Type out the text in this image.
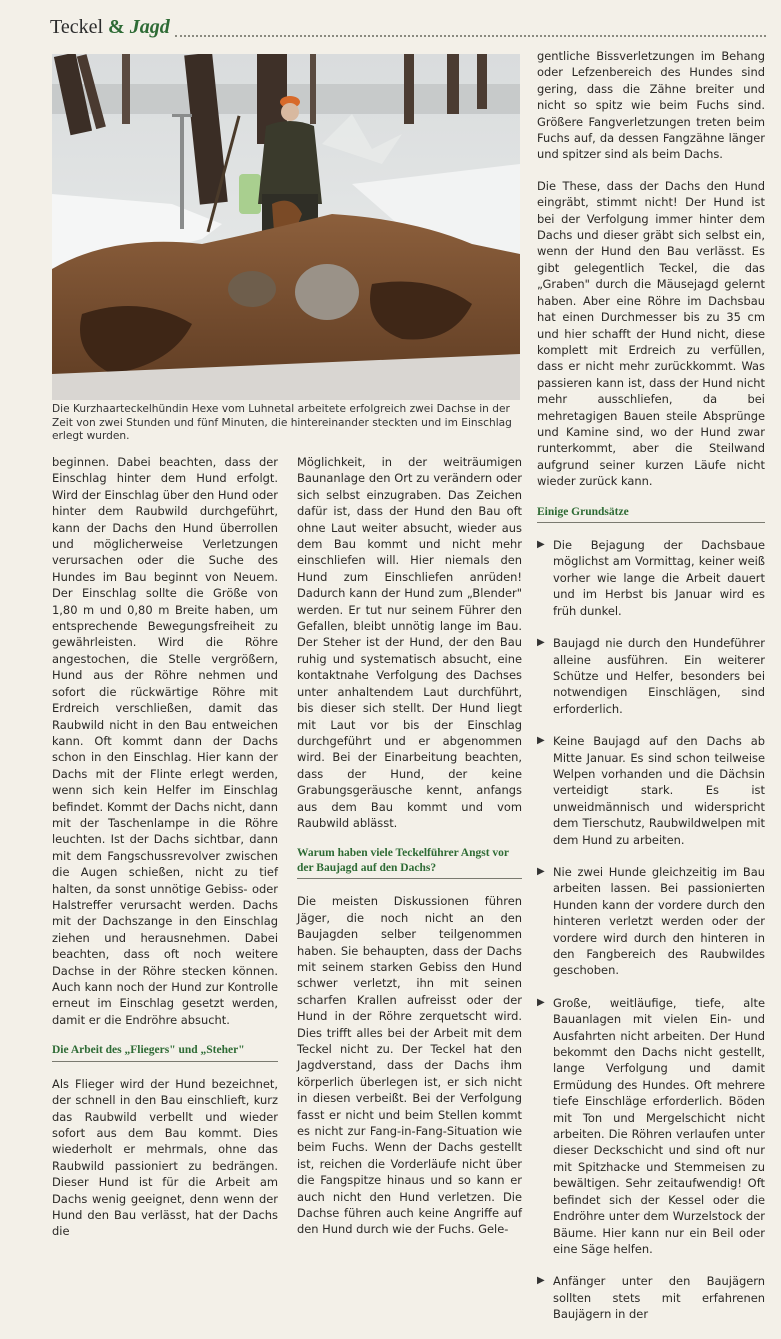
Teckel & Jagd
Die Kurzhaarteckelhündin Hexe vom Luhnetal arbeitete erfolgreich zwei Dachse in der Zeit von zwei Stunden und fünf Minuten, die hintereinander steckten und im Einschlag erlegt wurden.

beginnen. Dabei beachten, dass der Einschlag hinter dem Hund erfolgt. Wird der Einschlag über den Hund oder hinter dem Raubwild durchgeführt, kann der Dachs den Hund überrollen und möglicherweise Verletzungen verursachen oder die Suche des Hundes im Bau beginnt von Neuem. Der Einschlag sollte die Größe von 1,80 m und 0,80 m Breite haben, um entsprechende Bewegungsfreiheit zu gewährleisten. Wird die Röhre angestochen, die Stelle vergrößern, Hund aus der Röhre nehmen und sofort die rückwärtige Röhre mit Erdreich verschließen, damit das Raubwild nicht in den Bau entweichen kann. Oft kommt dann der Dachs schon in den Einschlag. Hier kann der Dachs mit der Flinte erlegt werden, wenn sich kein Helfer im Einschlag befindet. Kommt der Dachs nicht, dann mit der Taschenlampe in die Röhre leuchten. Ist der Dachs sichtbar, dann mit dem Fangschussrevolver zwischen die Augen schießen, nicht zu tief halten, da sonst unnötige Gebiss- oder Halstreffer verursacht werden. Dachs mit der Dachszange in den Einschlag ziehen und herausnehmen. Dabei beachten, dass oft noch weitere Dachse in der Röhre stecken können. Auch kann noch der Hund zur Kontrolle erneut im Einschlag gesetzt werden, damit er die Endröhre absucht.

Die Arbeit des „Fliegers" und „Steher"

Als Flieger wird der Hund bezeichnet, der schnell in den Bau einschlieft, kurz das Raubwild verbellt und wieder sofort aus dem Bau kommt. Dies wiederholt er mehrmals, ohne das Raubwild passioniert zu bedrängen. Dieser Hund ist für die Arbeit am Dachs wenig geeignet, denn wenn der Hund den Bau verlässt, hat der Dachs die

Möglichkeit, in der weiträumigen Baunanlage den Ort zu verändern oder sich selbst einzugraben. Das Zeichen dafür ist, dass der Hund den Bau oft ohne Laut weiter absucht, wieder aus dem Bau kommt und nicht mehr einschliefen will. Hier niemals den Hund zum Einschliefen anrüden! Dadurch kann der Hund zum „Blender" werden. Er tut nur seinem Führer den Gefallen, bleibt unnötig lange im Bau. Der Steher ist der Hund, der den Bau ruhig und systematisch absucht, eine kontaktnahe Verfolgung des Dachses unter anhaltendem Laut durchführt, bis dieser sich stellt. Der Hund liegt mit Laut vor bis der Einschlag durchgeführt und er abgenommen wird. Bei der Einarbeitung beachten, dass der Hund, der keine Grabungsgeräusche kennt, anfangs aus dem Bau kommt und vom Raubwild ablässt.

Warum haben viele Teckelführer Angst vor der Baujagd auf den Dachs?

Die meisten Diskussionen führen Jäger, die noch nicht an den Baujagden selber teilgenommen haben. Sie behaupten, dass der Dachs mit seinem starken Gebiss den Hund schwer verletzt, ihn mit seinen scharfen Krallen aufreisst oder der Hund in der Röhre zerquetscht wird. Dies trifft alles bei der Arbeit mit dem Teckel nicht zu. Der Teckel hat den Jagdverstand, dass der Dachs ihm körperlich überlegen ist, er sich nicht in diesen verbeißt. Bei der Verfolgung fasst er nicht und beim Stellen kommt es nicht zur Fang-in-Fang-Situation wie beim Fuchs. Wenn der Dachs gestellt ist, reichen die Vorderläufe nicht über die Fangspitze hinaus und so kann er auch nicht den Hund verletzen. Die Dachse führen auch keine Angriffe auf den Hund durch wie der Fuchs. Gele-

gentliche Bissverletzungen im Behang oder Lefzenbereich des Hundes sind gering, dass die Zähne breiter und nicht so spitz wie beim Fuchs sind. Größere Fangverletzungen treten beim Fuchs auf, da dessen Fangzähne länger und spitzer sind als beim Dachs.

Die These, dass der Dachs den Hund eingräbt, stimmt nicht! Der Hund ist bei der Verfolgung immer hinter dem Dachs und dieser gräbt sich selbst ein, wenn der Hund den Bau verlässt. Es gibt gelegentlich Teckel, die das „Graben" durch die Mäusejagd gelernt haben. Aber eine Röhre im Dachsbau hat einen Durchmesser bis zu 35 cm und hier schafft der Hund nicht, diese komplett mit Erdreich zu verfüllen, dass er nicht mehr zurückkommt. Was passieren kann ist, dass der Hund nicht mehr ausschliefen, da bei mehretagigen Bauen steile Absprünge und Kamine sind, wo der Hund zwar runterkommt, aber die Steilwand aufgrund seiner kurzen Läufe nicht wieder zurück kann.

Einige Grundsätze
▶ Die Bejagung der Dachsbaue möglichst am Vormittag, keiner weiß vorher wie lange die Arbeit dauert und im Herbst bis Januar wird es früh dunkel.
▶ Baujagd nie durch den Hundeführer alleine ausführen. Ein weiterer Schütze und Helfer, besonders bei notwendigen Einschlägen, sind erforderlich.
▶ Keine Baujagd auf den Dachs ab Mitte Januar. Es sind schon teilweise Welpen vorhanden und die Dächsin verteidigt stark. Es ist unweidmännisch und widerspricht dem Tierschutz, Raubwildwelpen mit dem Hund zu arbeiten.
▶ Nie zwei Hunde gleichzeitig im Bau arbeiten lassen. Bei passionierten Hunden kann der vordere durch den hinteren verletzt werden oder der vordere wird durch den hinteren in den Fangbereich des Raubwildes geschoben.
▶ Große, weitläufige, tiefe, alte Bauanlagen mit vielen Ein- und Ausfahrten nicht arbeiten. Der Hund bekommt den Dachs nicht gestellt, lange Verfolgung und damit Ermüdung des Hundes. Oft mehrere tiefe Einschläge erforderlich. Böden mit Ton und Mergelschicht nicht arbeiten. Die Röhren verlaufen unter dieser Deckschicht und sind oft nur mit Spitzhacke und Stemmeisen zu bewältigen. Sehr zeitaufwendig! Oft befindet sich der Kessel oder die Endröhre unter dem Wurzelstock der Bäume. Hier kann nur ein Beil oder eine Säge helfen.
▶ Anfänger unter den Baujägern sollten stets mit erfahrenen Baujägern in der
